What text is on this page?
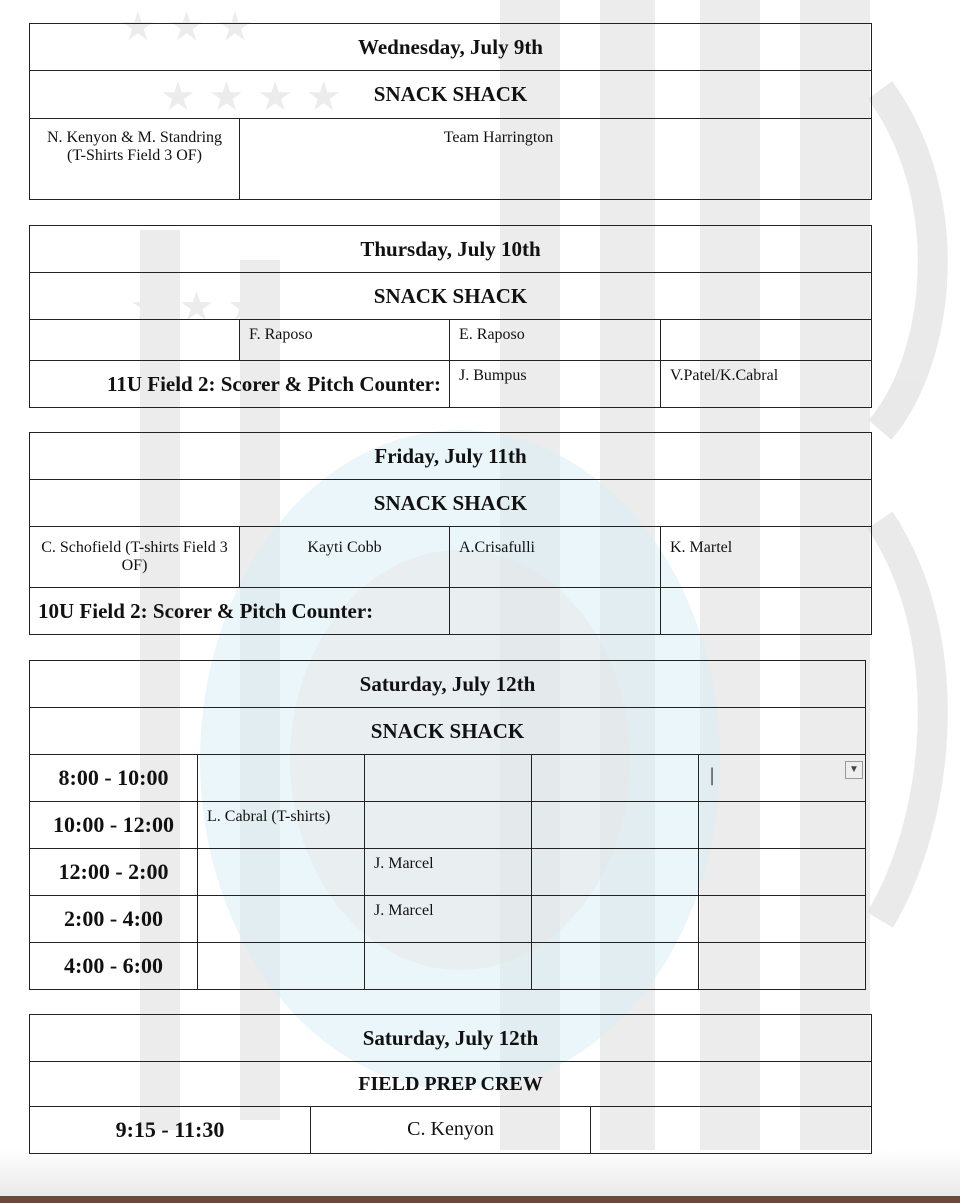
★ ★ ★
★ ★ ★ ★
★ ★ ★
Wednesday, July 9th
SNACK SHACK
N. Kenyon & M. Standring (T-Shirts Field 3 OF)	Team Harrington
Thursday, July 10th			
SNACK SHACK			
	F. Raposo	E. Raposo	
11U Field 2: Scorer & Pitch Counter:		J. Bumpus	V.Patel/K.Cabral
Friday, July 11th			
SNACK SHACK			
C. Schofield (T-shirts Field 3 OF)	Kayti Cobb	A.Crisafulli	K. Martel
10U Field 2: Scorer & Pitch Counter:			
Saturday, July 12th				
SNACK SHACK				
8:00 - 10:00				| ▼

10:00 - 12:00	L. Cabral (T-shirts)			
12:00 - 2:00		J. Marcel		
2:00 - 4:00		J. Marcel		
4:00 - 6:00				
Saturday, July 12th
FIELD PREP CREW
9:15 - 11:30	C. Kenyon	
